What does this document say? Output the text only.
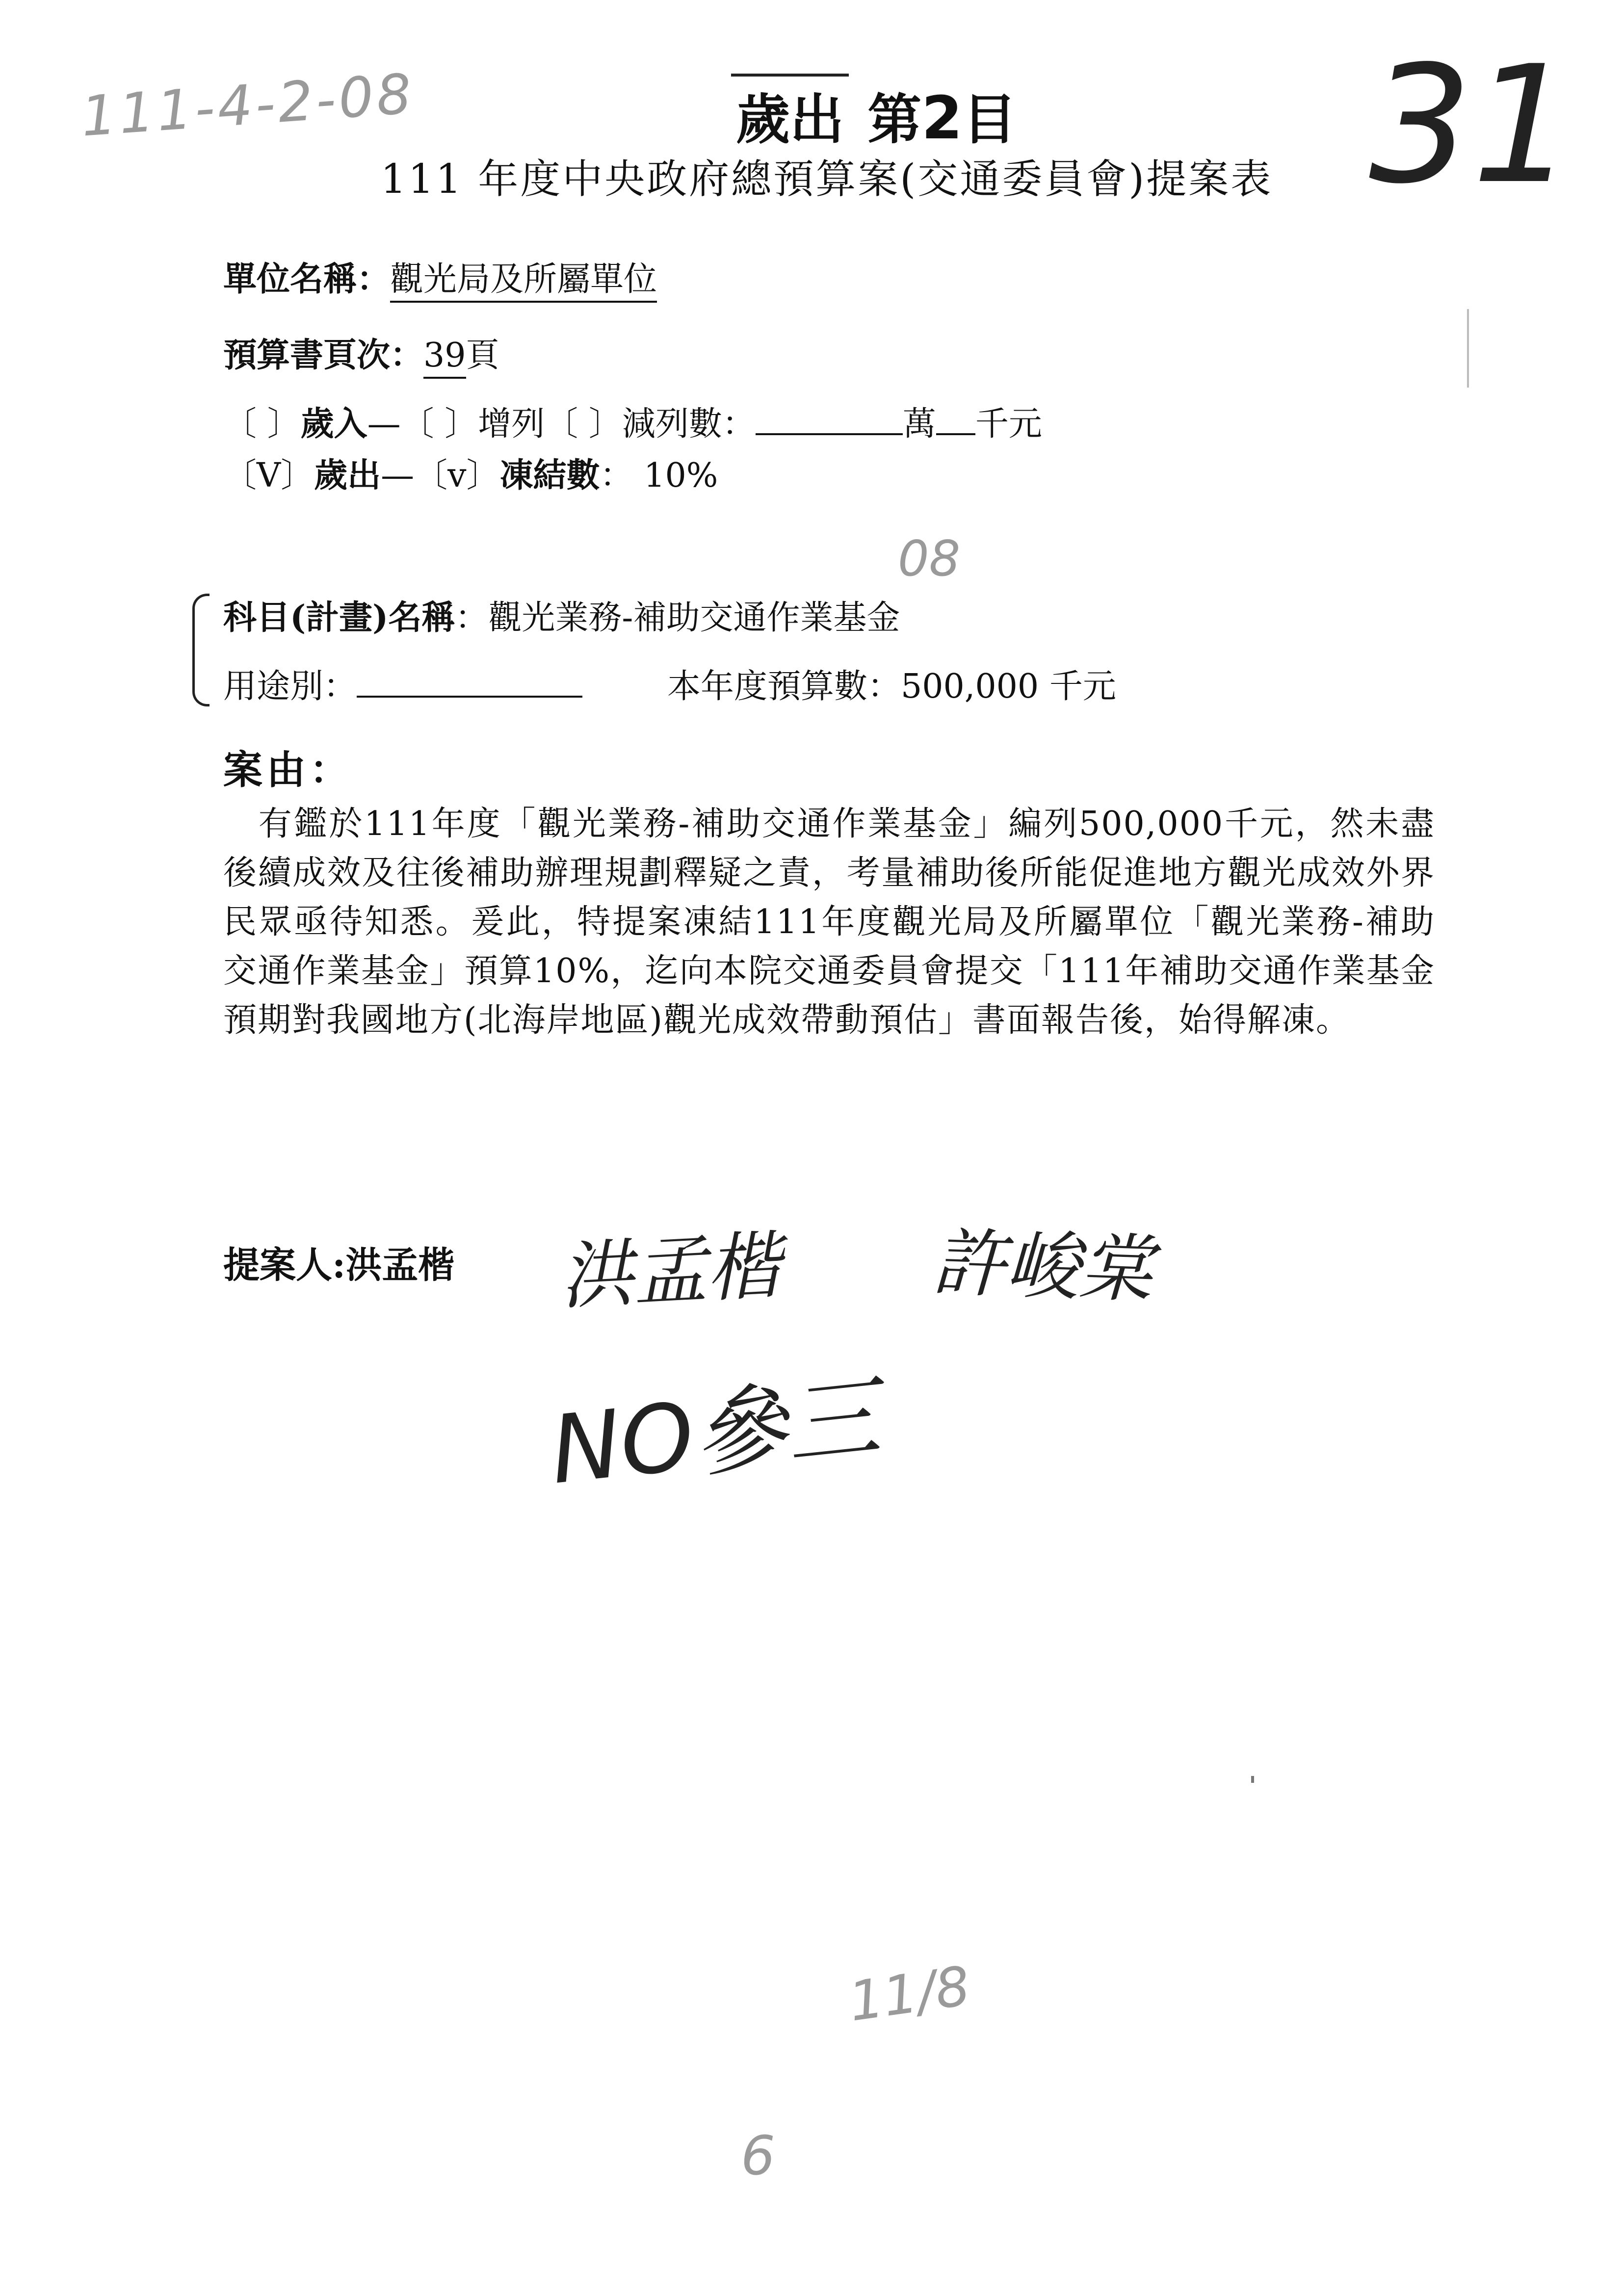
111-4-2-08	31
歲出 第2目
111 年度中央政府總預算案(交通委員會)提案表
單位名稱：觀光局及所屬單位
預算書頁次：39頁
〔 〕歲入—〔 〕增列〔 〕減列數：	萬 千元
〔V〕歲出—〔v〕凍結數： 10%
08
科目(計畫)名稱：觀光業務-補助交通作業基金
用途別：	本年度預算數：500,000 千元
案由：

　有鑑於111年度「觀光業務-補助交通作業基金」編列500,000千元，然未盡後續成效及往後補助辦理規劃釋疑之責，考量補助後所能促進地方觀光成效外界民眾亟待知悉。爰此，特提案凍結111年度觀光局及所屬單位「觀光業務-補助交通作業基金」預算10%，迄向本院交通委員會提交「111年補助交通作業基金預期對我國地方(北海岸地區)觀光成效帶動預估」書面報告後，始得解凍。

提案人:洪孟楷 洪孟楷 許峻棠
NO參三
11/8
6
